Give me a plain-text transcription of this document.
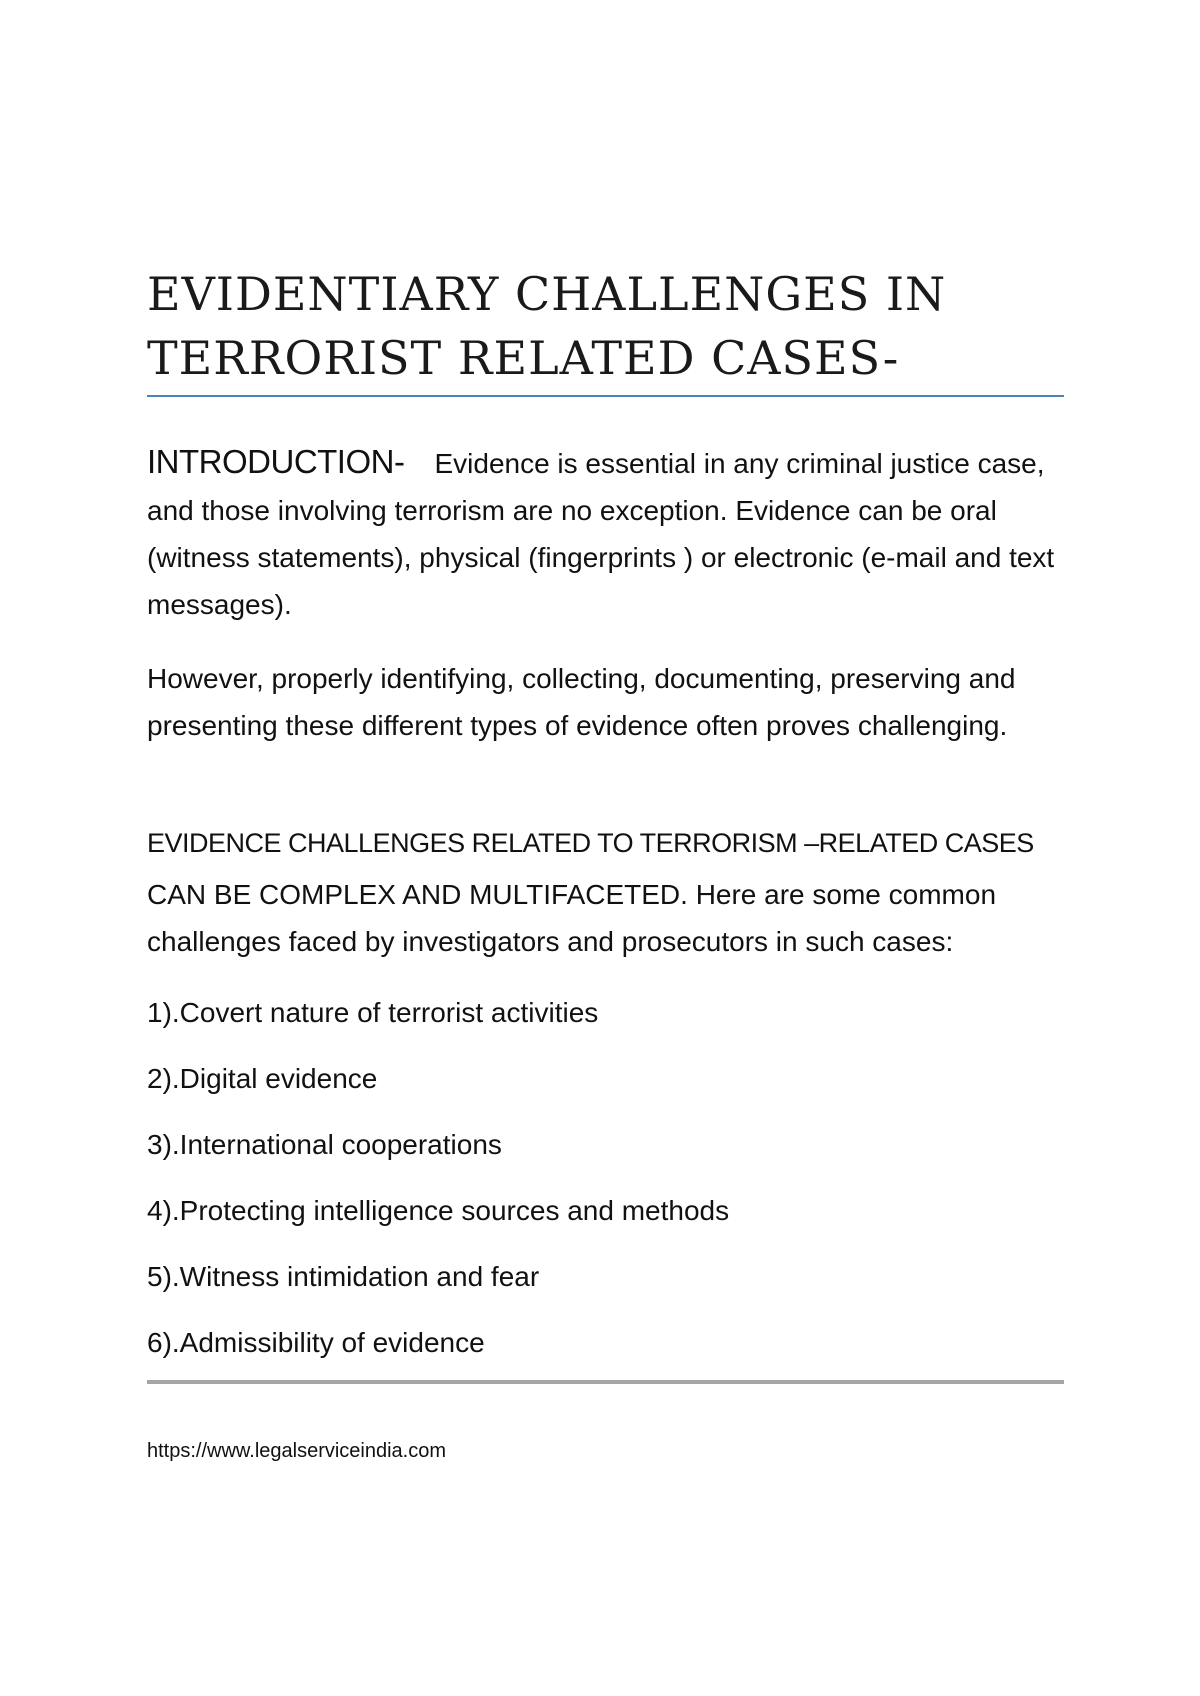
EVIDENTIARY CHALLENGES IN
TERRORIST RELATED CASES-

INTRODUCTION- Evidence is essential in any criminal justice case, and those involving terrorism are no exception. Evidence can be oral (witness statements), physical (fingerprints ) or electronic (e-mail and text messages).

However, properly identifying, collecting, documenting, preserving and presenting these different types of evidence often proves challenging.

EVIDENCE CHALLENGES RELATED TO TERRORISM –RELATED CASES
CAN BE COMPLEX AND MULTIFACETED. Here are some common challenges faced by investigators and prosecutors in such cases:

1).Covert nature of terrorist activities
2).Digital evidence
3).International cooperations
4).Protecting intelligence sources and methods
5).Witness intimidation and fear
6).Admissibility of evidence
https://www.legalserviceindia.com
